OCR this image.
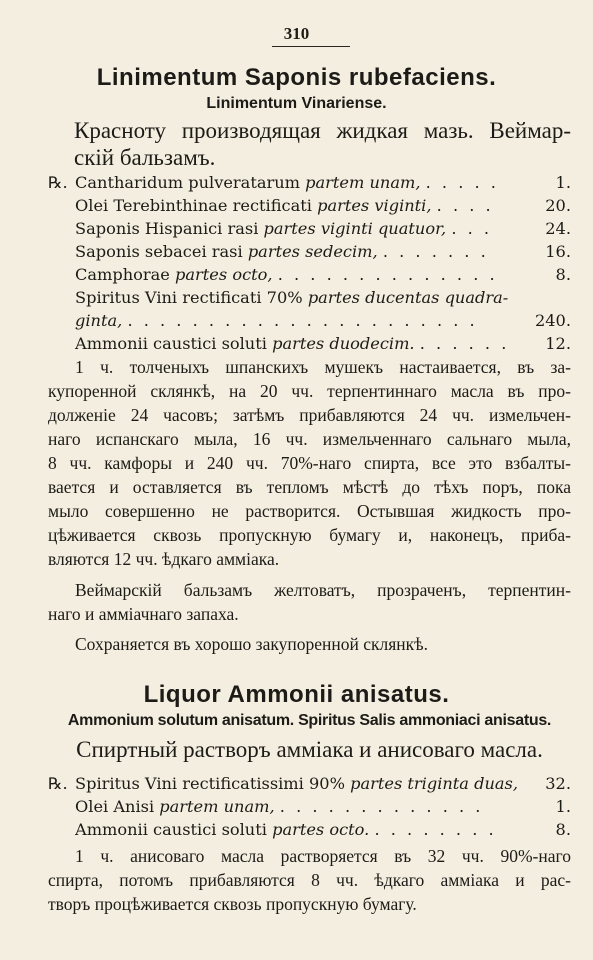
310
Linimentum Saponis rubefaciens.
Linimentum Vinariense.
Красноту производящая жидкая мазь. Веймар-
скій бальзамъ.
℞. Cantharidum pulveratarum partem unam, . . . . .	1.
Olei Terebinthinae rectificati partes viginti, . . . .	20.
Saponis Hispanici rasi partes viginti quatuor, . . .	24.
Saponis sebacei rasi partes sedecim, . . . . . . .	16.
Camphorae partes octo, . . . . . . . . . . . . . .	8.
Spiritus Vini rectificati 70% partes ducentas quadra-
ginta, . . . . . . . . . . . . . . . . . . . . . .	240.
Ammonii caustici soluti partes duodecim. . . . . . . 12.
1 ч. толченыхъ шпанскихъ мушекъ настаивается, въ за-
купоренной склянкѣ, на 20 чч. терпентиннаго масла въ про-
долженіе 24 часовъ; затѣмъ прибавляются 24 чч. измельчен-
наго испанскаго мыла, 16 чч. измельченнаго сальнаго мыла,
8 чч. камфоры и 240 чч. 70%-наго спирта, все это взбалты-
вается и оставляется въ тепломъ мѣстѣ до тѣхъ поръ, пока
мыло совершенно не растворится. Остывшая жидкость про-
цѣживается сквозь пропускную бумагу и, наконецъ, приба-
вляются 12 чч. ѣдкаго аммiака.
Веймарскій бальзамъ желтоватъ, прозраченъ, терпентин-
наго и аммiачнаго запаха.
Сохраняется въ хорошо закупоренной склянкѣ.
Liquor Ammonii anisatus.
Ammonium solutum anisatum. Spiritus Salis ammoniaci anisatus.
Спиртный растворъ аммiака и анисоваго масла.
℞. Spiritus Vini rectificatissimi 90% partes triginta duas, 32.
Olei Anisi partem unam, . . . . . . . . . . . . .	1.
Ammonii caustici soluti partes octo. . . . . . . . .	8.
1 ч. анисоваго масла растворяется въ 32 чч. 90%-наго
спирта, потомъ прибавляются 8 чч. ѣдкаго аммiака и рас-
творъ процѣживается сквозь пропускную бумагу.
